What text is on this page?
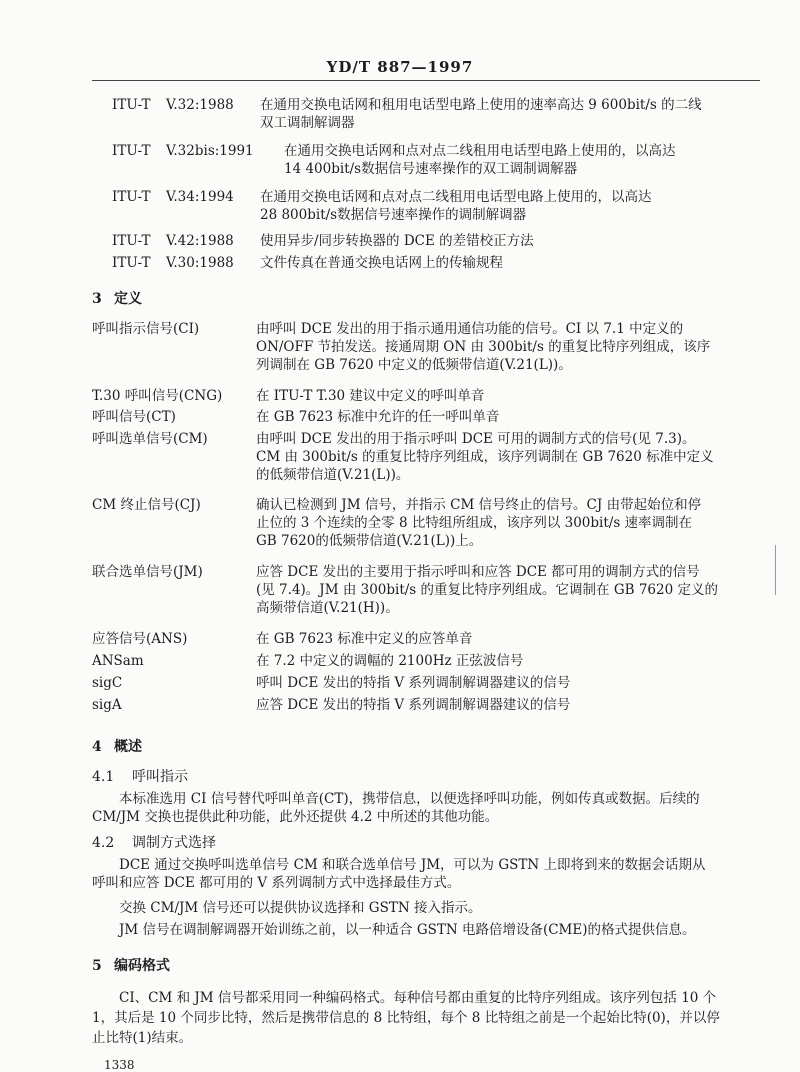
YD/T 887—1997
ITU-T V.32:1988 在通用交换电话网和租用电话型电路上使用的速率高达 9 600bit/s 的二线
双工调制解调器
ITU-T V.32bis:1991 在通用交换电话网和点对点二线租用电话型电路上使用的，以高达
14 400bit/s数据信号速率操作的双工调制调解器
ITU-T V.34:1994 在通用交换电话网和点对点二线租用电话型电路上使用的，以高达
28 800bit/s数据信号速率操作的调制解调器
ITU-T V.42:1988 使用异步/同步转换器的 DCE 的差错校正方法
ITU-T V.30:1988 文件传真在普通交换电话网上的传输规程
3 定义
呼叫指示信号(CI)	由呼叫 DCE 发出的用于指示通用通信功能的信号。CI 以 7.1 中定义的
ON/OFF 节拍发送。接通周期 ON 由 300bit/s 的重复比特序列组成，该序
列调制在 GB 7620 中定义的低频带信道(V.21(L))。
T.30 呼叫信号(CNG)	在 ITU-T T.30 建议中定义的呼叫单音
呼叫信号(CT)	在 GB 7623 标准中允许的任一呼叫单音
呼叫选单信号(CM)	由呼叫 DCE 发出的用于指示呼叫 DCE 可用的调制方式的信号(见 7.3)。
CM 由 300bit/s 的重复比特序列组成，该序列调制在 GB 7620 标准中定义
的低频带信道(V.21(L))。
CM 终止信号(CJ)	确认已检测到 JM 信号，并指示 CM 信号终止的信号。CJ 由带起始位和停
止位的 3 个连续的全零 8 比特组所组成，该序列以 300bit/s 速率调制在
GB 7620的低频带信道(V.21(L))上。
联合选单信号(JM)	应答 DCE 发出的主要用于指示呼叫和应答 DCE 都可用的调制方式的信号
(见 7.4)。JM 由 300bit/s 的重复比特序列组成。它调制在 GB 7620 定义的
高频带信道(V.21(H))。
应答信号(ANS)	在 GB 7623 标准中定义的应答单音
ANSam	在 7.2 中定义的调幅的 2100Hz 正弦波信号
sigC	呼叫 DCE 发出的特指 V 系列调制解调器建议的信号
sigA	应答 DCE 发出的特指 V 系列调制解调器建议的信号
4 概述
4.1 呼叫指示
本标准选用 CI 信号替代呼叫单音(CT)，携带信息，以便选择呼叫功能，例如传真或数据。后续的
CM/JM 交换也提供此种功能，此外还提供 4.2 中所述的其他功能。
4.2 调制方式选择
DCE 通过交换呼叫选单信号 CM 和联合选单信号 JM，可以为 GSTN 上即将到来的数据会话期从
呼叫和应答 DCE 都可用的 V 系列调制方式中选择最佳方式。
交换 CM/JM 信号还可以提供协议选择和 GSTN 接入指示。
JM 信号在调制解调器开始训练之前，以一种适合 GSTN 电路倍增设备(CME)的格式提供信息。
5 编码格式
CI、CM 和 JM 信号都采用同一种编码格式。每种信号都由重复的比特序列组成。该序列包括 10 个
1，其后是 10 个同步比特，然后是携带信息的 8 比特组，每个 8 比特组之前是一个起始比特(0)，并以停
止比特(1)结束。
1338
